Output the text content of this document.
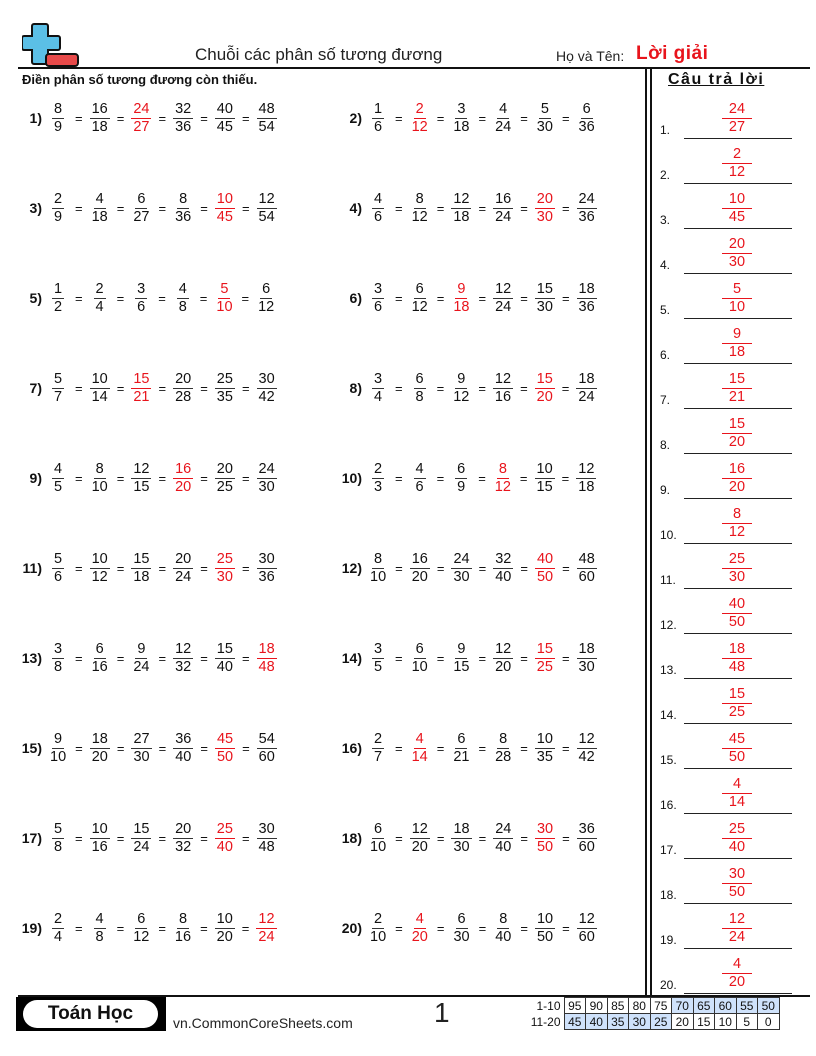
Chuỗi các phân số tương đương	Họ và Tên: Lời giải
Điền phân số tương đương còn thiếu.	Câu trả lời
$1) \frac{8}{9} = \frac{16}{18} = \frac{24}{27} = \frac{32}{36} = \frac{40}{45} = \frac{48}{54}$	$2) \frac{1}{6} = \frac{2}{12} = \frac{3}{18} = \frac{4}{24} = \frac{5}{30} = \frac{6}{36}$
$3) \frac{2}{9} = \frac{4}{18} = \frac{6}{27} = \frac{8}{36} = \frac{10}{45} = \frac{12}{54}$	$4) \frac{4}{6} = \frac{8}{12} = \frac{12}{18} = \frac{16}{24} = \frac{20}{30} = \frac{24}{36}$
$5) \frac{1}{2} = \frac{2}{4} = \frac{3}{6} = \frac{4}{8} = \frac{5}{10} = \frac{6}{12}$	$6) \frac{3}{6} = \frac{6}{12} = \frac{9}{18} = \frac{12}{24} = \frac{15}{30} = \frac{18}{36}$
$7) \frac{5}{7} = \frac{10}{14} = \frac{15}{21} = \frac{20}{28} = \frac{25}{35} = \frac{30}{42}$	$8) \frac{3}{4} = \frac{6}{8} = \frac{9}{12} = \frac{12}{16} = \frac{15}{20} = \frac{18}{24}$
$9) \frac{4}{5} = \frac{8}{10} = \frac{12}{15} = \frac{16}{20} = \frac{20}{25} = \frac{24}{30}$	$10) \frac{2}{3} = \frac{4}{6} = \frac{6}{9} = \frac{8}{12} = \frac{10}{15} = \frac{12}{18}$
$11) \frac{5}{6} = \frac{10}{12} = \frac{15}{18} = \frac{20}{24} = \frac{25}{30} = \frac{30}{36}$	$12) \frac{8}{10} = \frac{16}{20} = \frac{24}{30} = \frac{32}{40} = \frac{40}{50} = \frac{48}{60}$
$13) \frac{3}{8} = \frac{6}{16} = \frac{9}{24} = \frac{12}{32} = \frac{15}{40} = \frac{18}{48}$	$14) \frac{3}{5} = \frac{6}{10} = \frac{9}{15} = \frac{12}{20} = \frac{15}{25} = \frac{18}{30}$
$15) \frac{9}{10} = \frac{18}{20} = \frac{27}{30} = \frac{36}{40} = \frac{45}{50} = \frac{54}{60}$	$16) \frac{2}{7} = \frac{4}{14} = \frac{6}{21} = \frac{8}{28} = \frac{10}{35} = \frac{12}{42}$
$17) \frac{5}{8} = \frac{10}{16} = \frac{15}{24} = \frac{20}{32} = \frac{25}{40} = \frac{30}{48}$	$18) \frac{6}{10} = \frac{12}{20} = \frac{18}{30} = \frac{24}{40} = \frac{30}{50} = \frac{36}{60}$
$19) \frac{2}{4} = \frac{4}{8} = \frac{6}{12} = \frac{8}{16} = \frac{10}{20} = \frac{12}{24}$	$20) \frac{2}{10} = \frac{4}{20} = \frac{6}{30} = \frac{8}{40} = \frac{10}{50} = \frac{12}{60}$
1.	$\frac{24}{27}$
2.	$\frac{2}{12}$
3.	$\frac{10}{45}$
4.	$\frac{20}{30}$
5.	$\frac{5}{10}$
6.	$\frac{9}{18}$
7.	$\frac{15}{21}$
8.	$\frac{15}{20}$
9.	$\frac{16}{20}$
10.	$\frac{8}{12}$
11.	$\frac{25}{30}$
12.	$\frac{40}{50}$
13.	$\frac{18}{48}$
14.	$\frac{15}{25}$
15.	$\frac{45}{50}$
16.	$\frac{4}{14}$
17.	$\frac{25}{40}$
18.	$\frac{30}{50}$
19.	$\frac{12}{24}$
20.	$\frac{4}{20}$
Toán Học	vn.CommonCoreSheets.com	1	1-10	95	90	85	80	75	70	65	60	55	50
11-20	45	40	35	30	25	20	15	10	5	0
